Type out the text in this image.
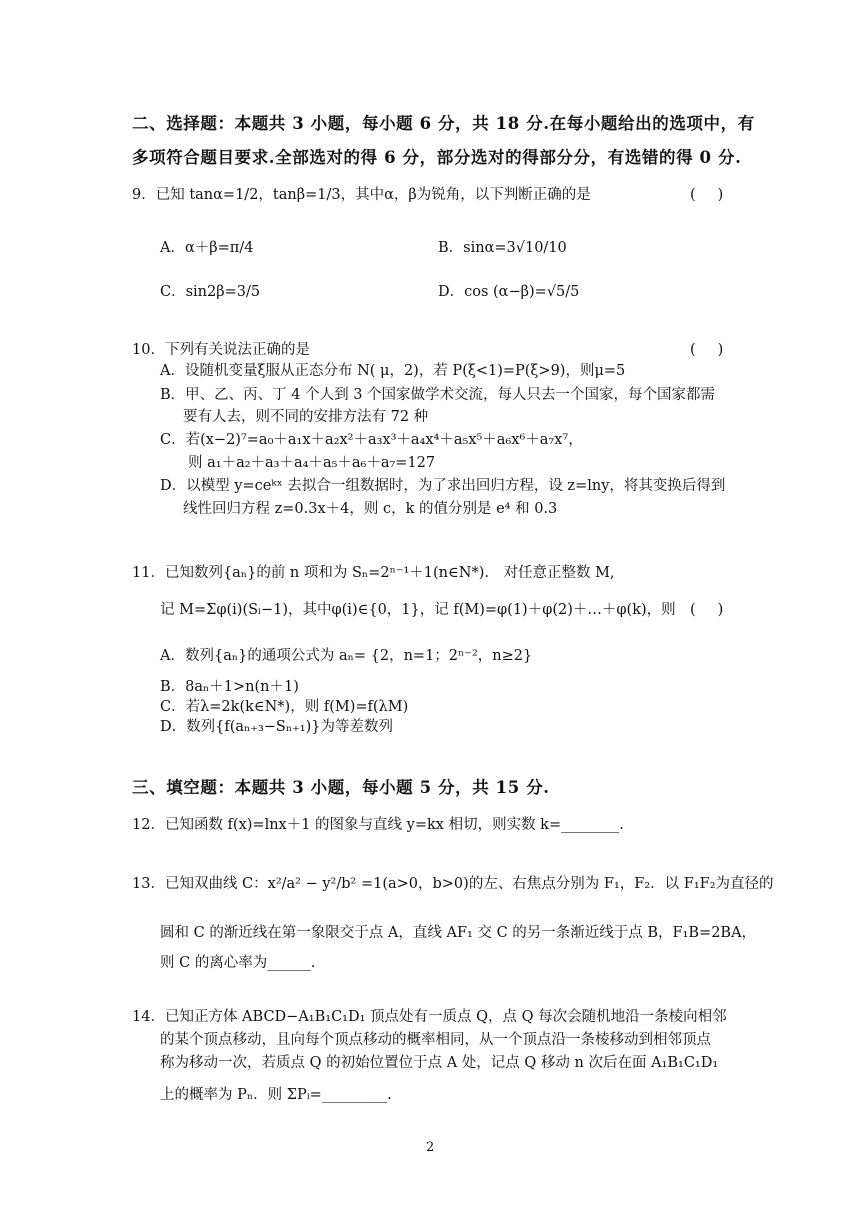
二、选择题：本题共 3 小题，每小题 6 分，共 18 分.在每小题给出的选项中，有
多项符合题目要求.全部选对的得 6 分，部分选对的得部分分，有选错的得 0 分.
9．已知 tanα=1/2，tanβ=1/3，其中α，β为锐角，以下判断正确的是	( )
A．α＋β=π/4	B．sinα=3√10/10
C．sin2β=3/5	D．cos (α−β)=√5/5
10．下列有关说法正确的是	( )
A．设随机变量ξ服从正态分布 N( μ，2)，若 P(ξ<1)=P(ξ>9)，则μ=5
B．甲、乙、丙、丁 4 个人到 3 个国家做学术交流，每人只去一个国家，每个国家都需
要有人去，则不同的安排方法有 72 种
C．若(x−2)⁷=a₀＋a₁x＋a₂x²＋a₃x³＋a₄x⁴＋a₅x⁵＋a₆x⁶＋a₇x⁷，
则 a₁＋a₂＋a₃＋a₄＋a₅＋a₆＋a₇=127
D．以模型 y=ceᵏˣ 去拟合一组数据时，为了求出回归方程，设 z=lny，将其变换后得到
线性回归方程 z=0.3x＋4，则 c，k 的值分别是 e⁴ 和 0.3
11．已知数列{aₙ}的前 n 项和为 Sₙ=2ⁿ⁻¹＋1(n∈N*).　对任意正整数 M,
记 M=Σφ(i)(Sᵢ−1)，其中φ(i)∈{0，1}，记 f(M)=φ(1)＋φ(2)＋…＋φ(k)，则 ( )
A．数列{aₙ}的通项公式为 aₙ= {2，n=1；2ⁿ⁻²，n≥2}
B．8aₙ＋1>n(n＋1)
C．若λ=2k(k∈N*)，则 f(M)=f(λM)
D．数列{f(aₙ₊₃−Sₙ₊₁)}为等差数列
三、填空题：本题共 3 小题，每小题 5 分，共 15 分.
12．已知函数 f(x)=lnx＋1 的图象与直线 y=kx 相切，则实数 k=________.
13．已知双曲线 C：x²/a² − y²/b² =1(a>0，b>0)的左、右焦点分别为 F₁，F₂．以 F₁F₂为直径的
圆和 C 的渐近线在第一象限交于点 A，直线 AF₁ 交 C 的另一条渐近线于点 B，F₁B=2BA，
则 C 的离心率为______.
14．已知正方体 ABCD−A₁B₁C₁D₁ 顶点处有一质点 Q，点 Q 每次会随机地沿一条棱向相邻
的某个顶点移动，且向每个顶点移动的概率相同，从一个顶点沿一条棱移动到相邻顶点
称为移动一次，若质点 Q 的初始位置位于点 A 处，记点 Q 移动 n 次后在面 A₁B₁C₁D₁
上的概率为 Pₙ．则 ΣPᵢ=_________.
2
